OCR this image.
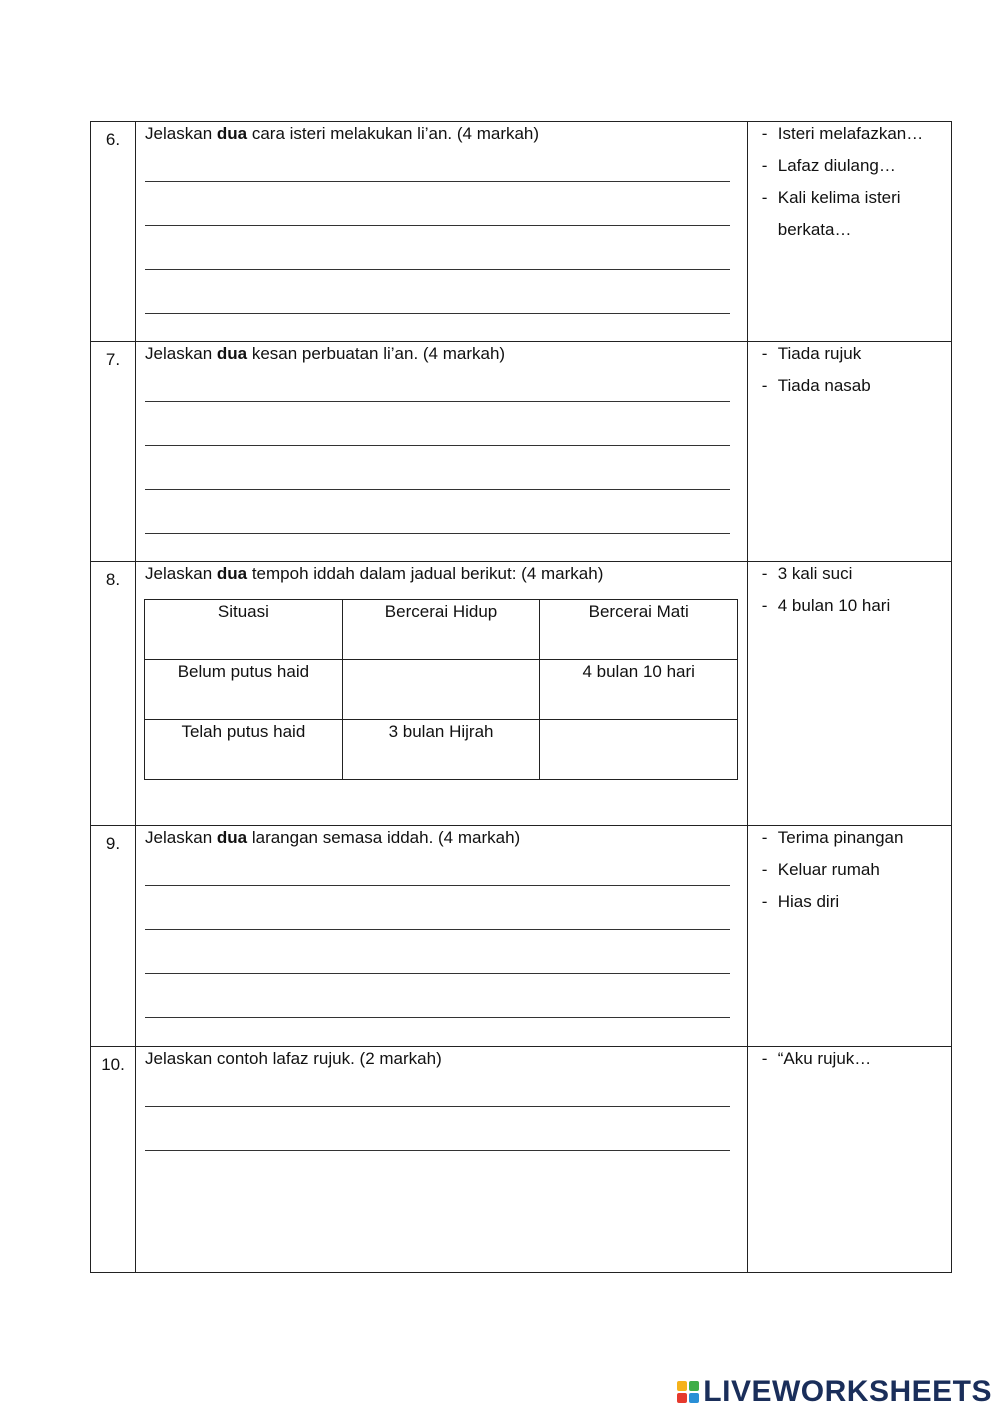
6.	Jelaskan dua cara isteri melakukan li’an. (4 markah)	- Isteri melafazkan…
- Lafaz diulang…
- Kali kelima isteri berkata…

7.	Jelaskan dua kesan perbuatan li’an. (4 markah)	- Tiada rujuk
- Tiada nasab

8.	Jelaskan dua tempoh iddah dalam jadual berikut: (4 markah)
Situasi	Bercerai Hidup	Bercerai Mati
Belum putus haid		4 bulan 10 hari
Telah putus haid	3 bulan Hijrah	

- 3 kali suci
- 4 bulan 10 hari

9.	Jelaskan dua larangan semasa iddah. (4 markah)	- Terima pinangan
- Keluar rumah
- Hias diri

10.	Jelaskan contoh lafaz rujuk. (2 markah)	- “Aku rujuk…
LIVEWORKSHEETS
